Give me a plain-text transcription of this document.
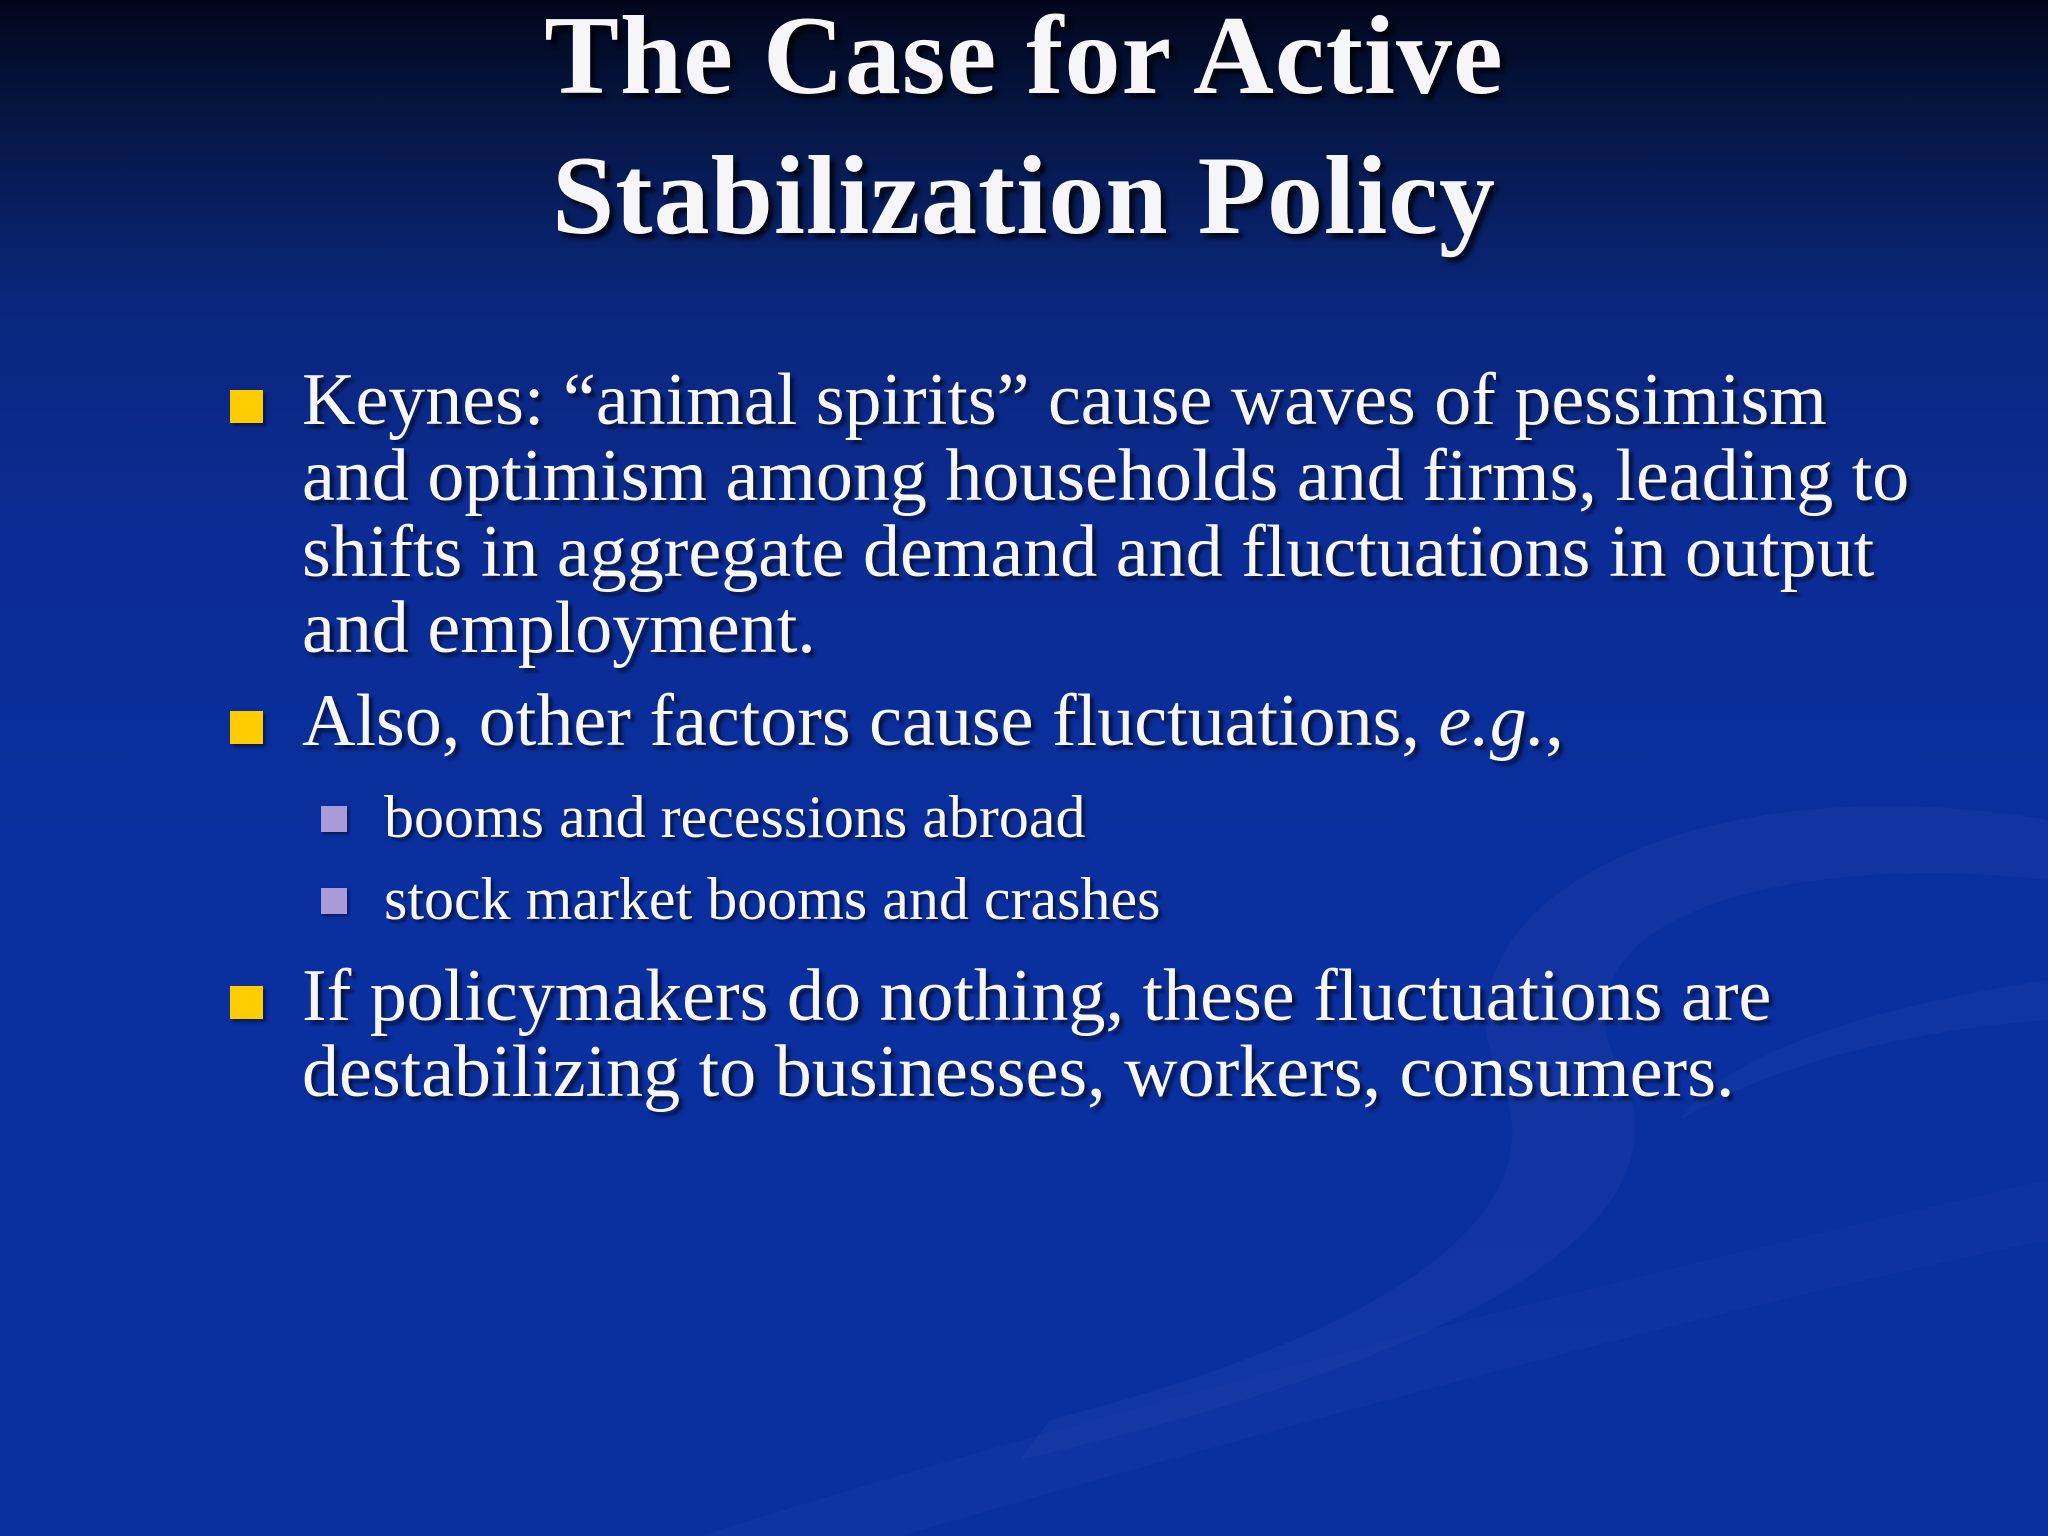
The Case for Active
Stabilization Policy
Keynes: “animal spirits” cause waves of pessimism and optimism among households and firms, leading to shifts in aggregate demand and fluctuations in output and employment.
Also, other factors cause fluctuations, e.g.,
booms and recessions abroad
stock market booms and crashes
If policymakers do nothing, these fluctuations are destabilizing to businesses, workers, consumers.
